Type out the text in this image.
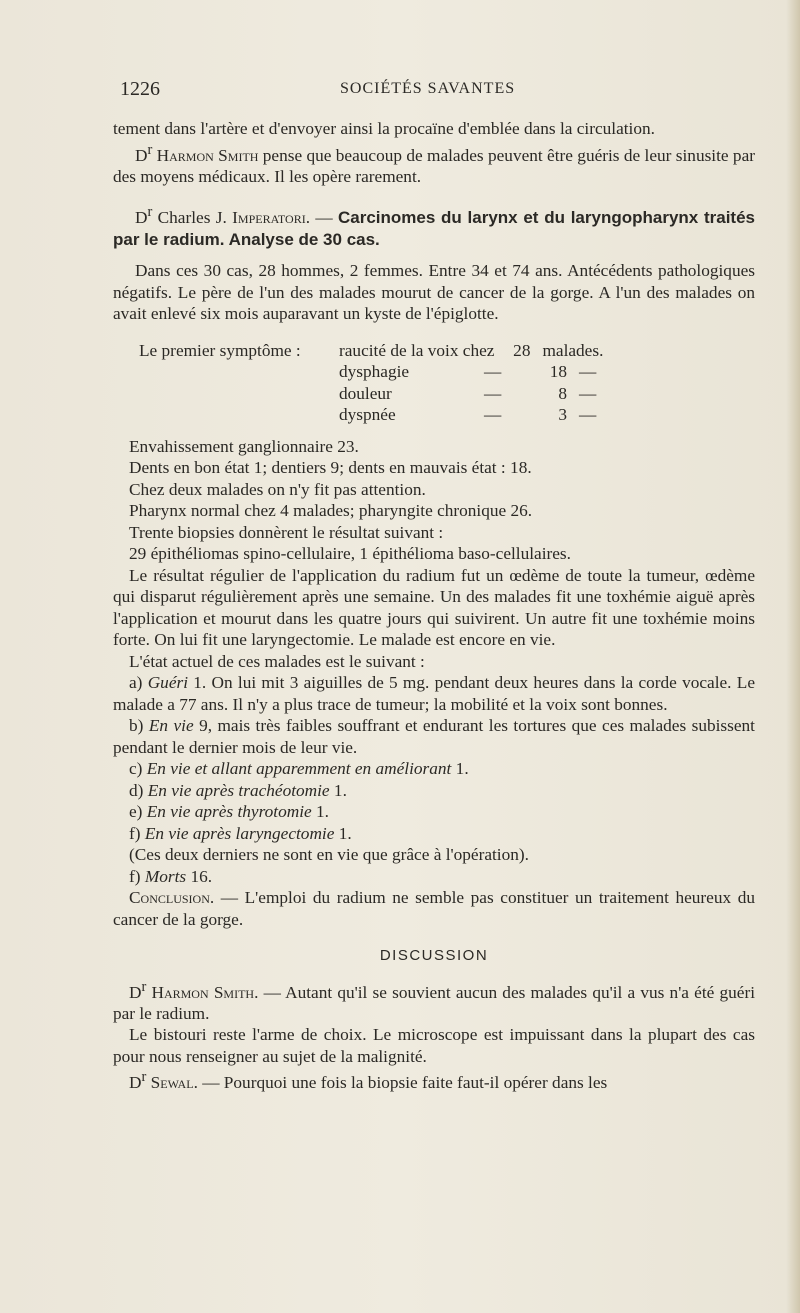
1226	SOCIÉTÉS SAVANTES

tement dans l'artère et d'envoyer ainsi la procaïne d'emblée dans la circulation.

$D^r$ Harmon Smith pense que beaucoup de malades peuvent être guéris de leur sinusite par des moyens médicaux. Il les opère rarement.

$D^r$ Charles J. Imperatori. — Carcinomes du larynx et du laryngopharynx traités par le radium. Analyse de 30 cas.

Dans ces 30 cas, 28 hommes, 2 femmes. Entre 34 et 74 ans. Antécédents pathologiques négatifs. Le père de l'un des malades mourut de cancer de la gorge. A l'un des malades on avait enlevé six mois auparavant un kyste de l'épiglotte.

Le premier symptôme :	raucité de la voix chez	28 malades.
dysphagie	—	18 —
douleur	—	8 —
dyspnée	—	3 —

Envahissement ganglionnaire 23.

Dents en bon état 1; dentiers 9; dents en mauvais état : 18.

Chez deux malades on n'y fit pas attention.

Pharynx normal chez 4 malades; pharyngite chronique 26.

Trente biopsies donnèrent le résultat suivant :

29 épithéliomas spino-cellulaire, 1 épithélioma baso-cellulaires.

Le résultat régulier de l'application du radium fut un œdème de toute la tumeur, œdème qui disparut régulièrement après une semaine. Un des malades fit une toxhémie aiguë après l'application et mourut dans les quatre jours qui suivirent. Un autre fit une toxhémie moins forte. On lui fit une laryngectomie. Le malade est encore en vie.

L'état actuel de ces malades est le suivant :

a) Guéri 1. On lui mit 3 aiguilles de 5 mg. pendant deux heures dans la corde vocale. Le malade a 77 ans. Il n'y a plus trace de tumeur; la mobilité et la voix sont bonnes.

b) En vie 9, mais très faibles souffrant et endurant les tortures que ces malades subissent pendant le dernier mois de leur vie.

c) En vie et allant apparemment en améliorant 1.

d) En vie après trachéotomie 1.

e) En vie après thyrotomie 1.

f) En vie après laryngectomie 1.

(Ces deux derniers ne sont en vie que grâce à l'opération).

f) Morts 16.

Conclusion. — L'emploi du radium ne semble pas constituer un traitement heureux du cancer de la gorge.

DISCUSSION

$D^r$ Harmon Smith. — Autant qu'il se souvient aucun des malades qu'il a vus n'a été guéri par le radium.

Le bistouri reste l'arme de choix. Le microscope est impuissant dans la plupart des cas pour nous renseigner au sujet de la malignité.

$D^r$ Sewal. — Pourquoi une fois la biopsie faite faut-il opérer dans les
